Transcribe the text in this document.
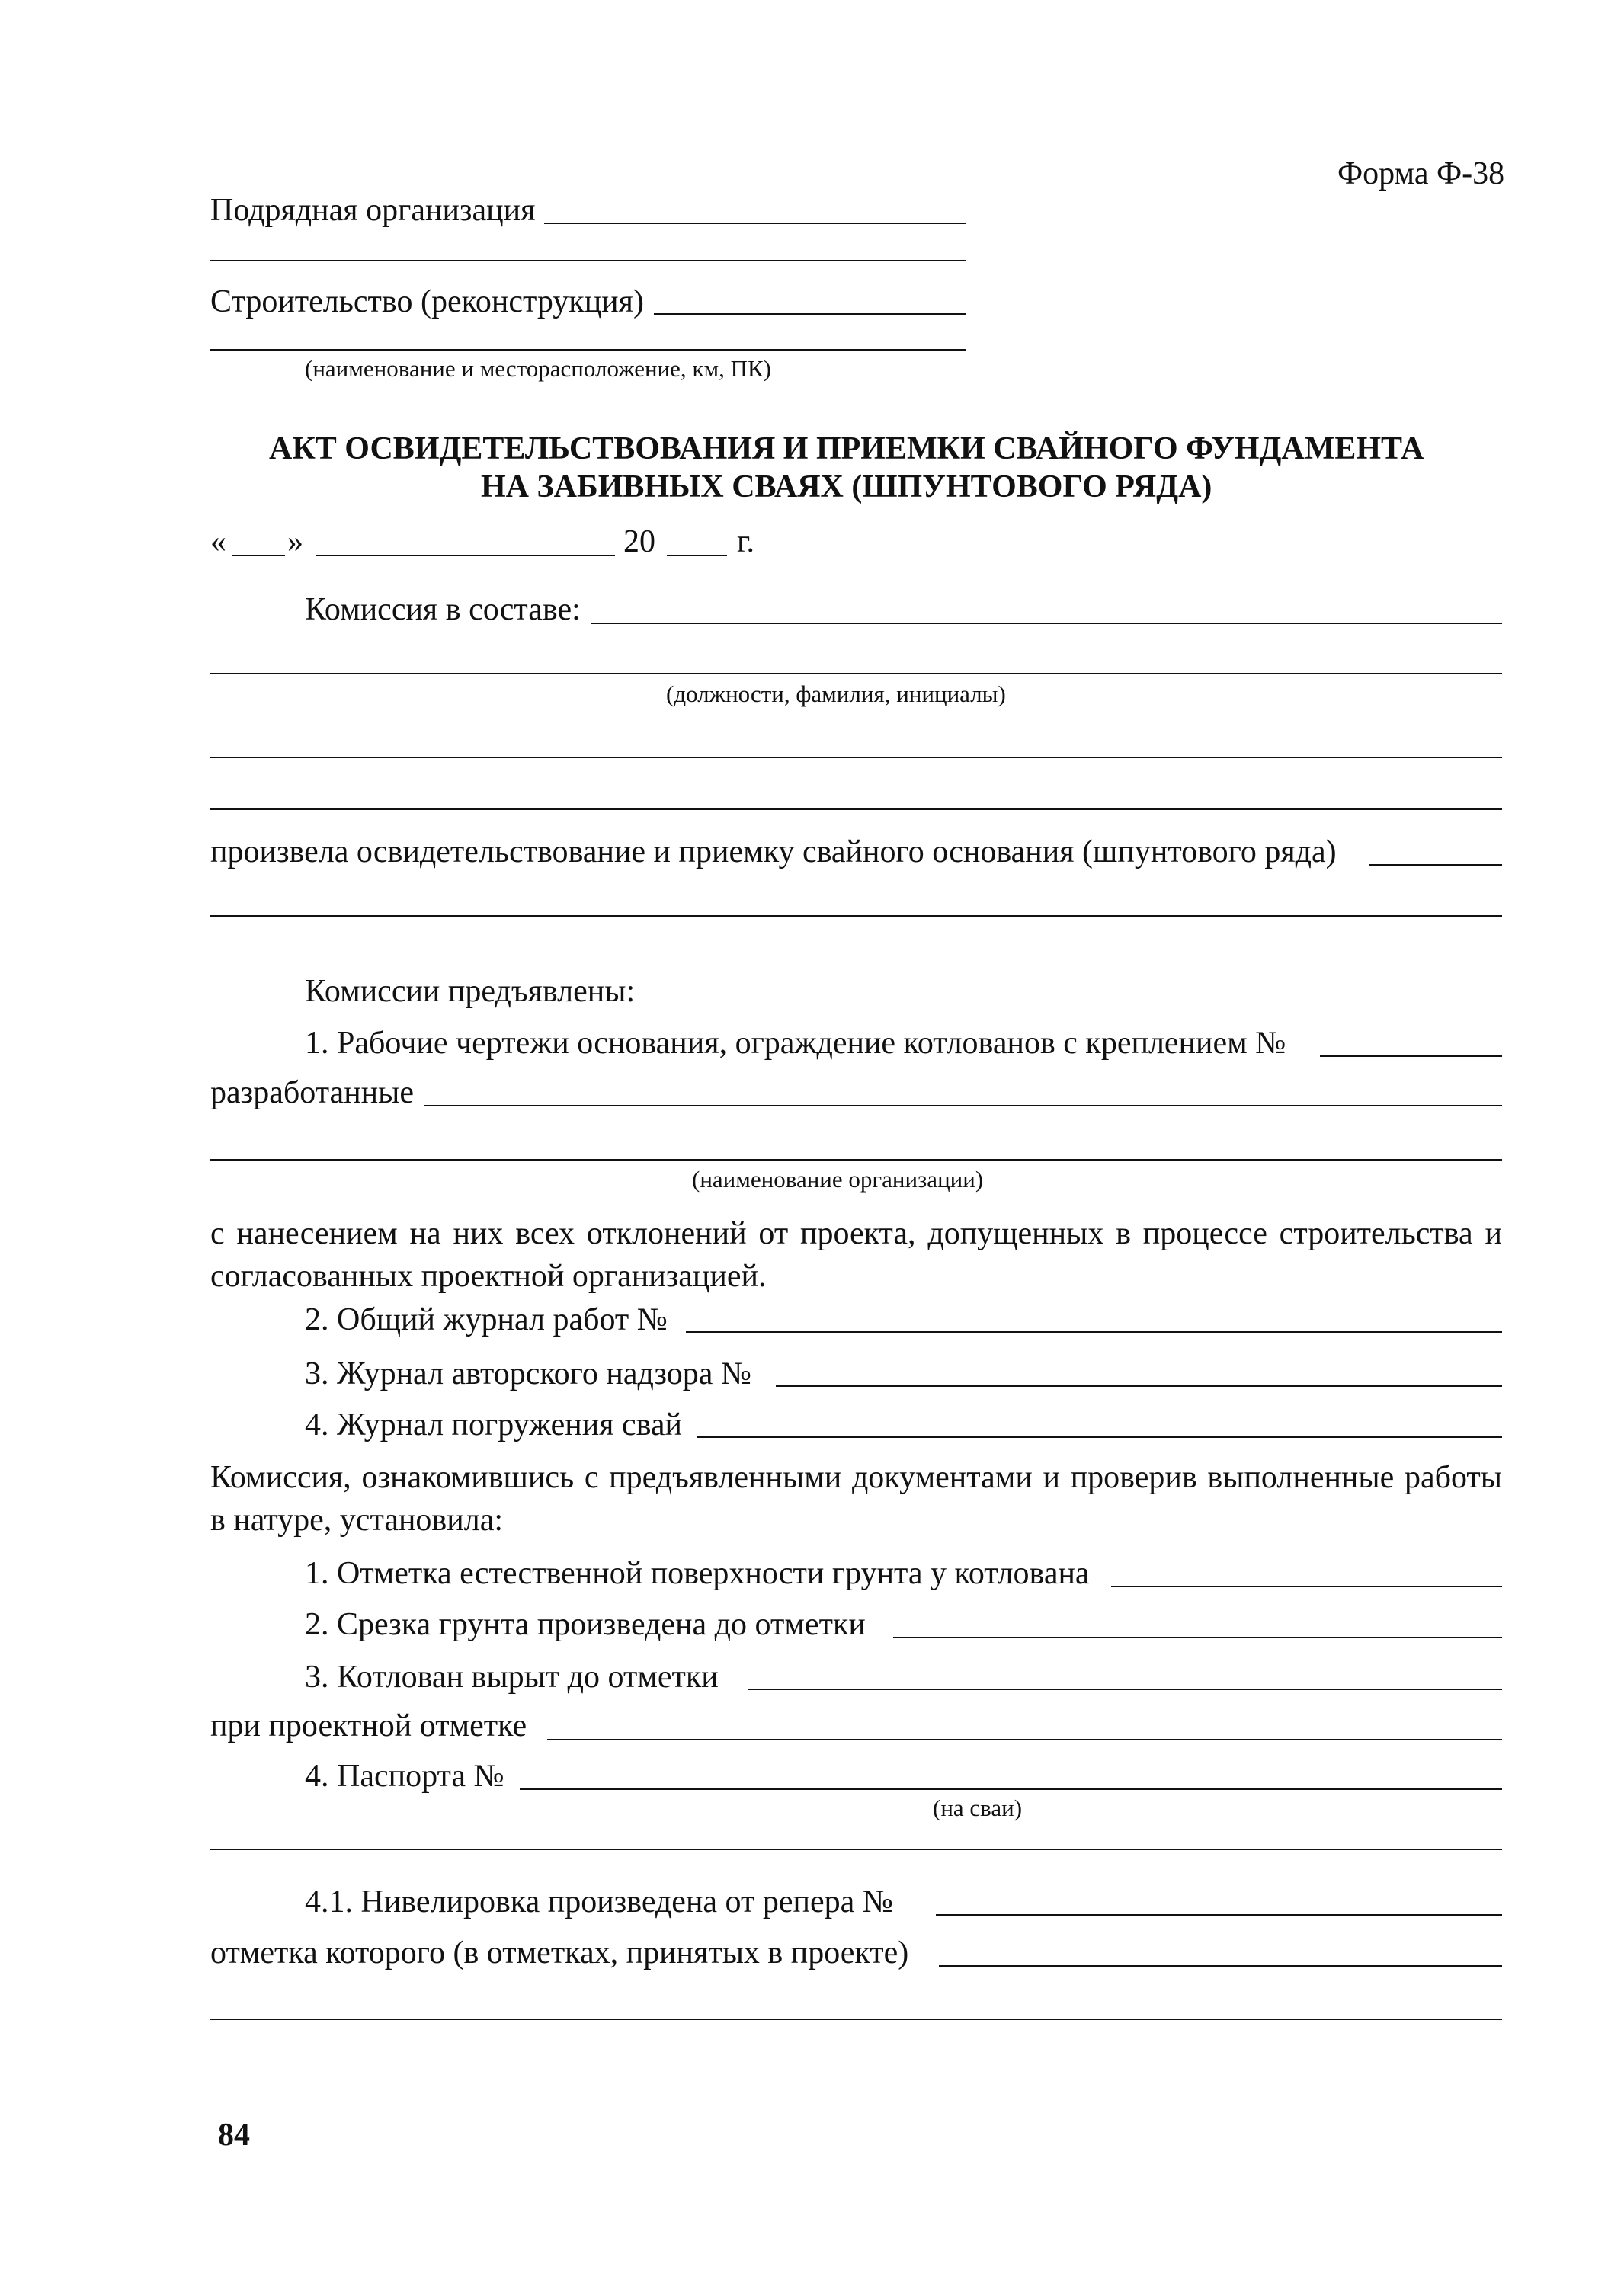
Форма Ф-38
Подрядная организация
Строительство (реконструкция)
(наименование и месторасположение, км, ПК)
АКТ ОСВИДЕТЕЛЬСТВОВАНИЯ И ПРИЕМКИ СВАЙНОГО ФУНДАМЕНТА
НА ЗАБИВНЫХ СВАЯХ (ШПУНТОВОГО РЯДА)
« »	20	г.
Комиссия в составе:
(должности, фамилия, инициалы)
произвела освидетельствование и приемку свайного основания (шпунтового ряда)
Комиссии предъявлены:
1. Рабочие чертежи основания, ограждение котлованов с креплением №
разработанные
(наименование организации)
с нанесением на них всех отклонений от проекта, допущенных в процессе строительства и согласованных проектной организацией.
2. Общий журнал работ №
3. Журнал авторского надзора №
4. Журнал погружения свай
Комиссия, ознакомившись с предъявленными документами и проверив выполненные работы в натуре, установила:
1. Отметка естественной поверхности грунта у котлована
2. Срезка грунта произведена до отметки
3. Котлован вырыт до отметки
при проектной отметке
4. Паспорта №
(на сваи)
4.1. Нивелировка произведена от репера №
отметка которого (в отметках, принятых в проекте)
84
